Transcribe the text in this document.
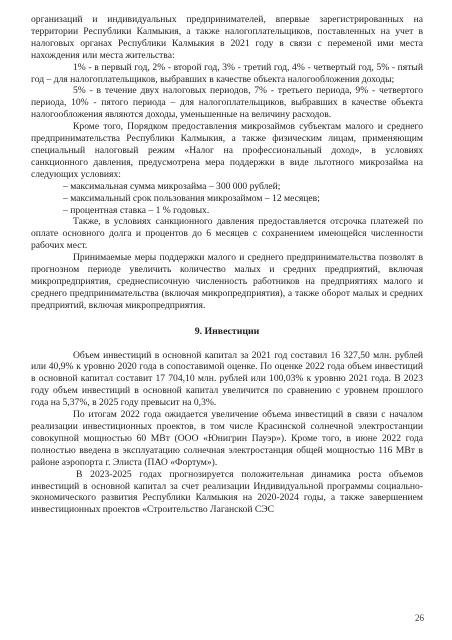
организаций и индивидуальных предпринимателей, впервые зарегистрированных на территории Республики Калмыкия, а также налогоплательщиков, поставленных на учет в налоговых органах Республики Калмыкия в 2021 году в связи с переменой ими места нахождения или места жительства:

1% - в первый год, 2% - второй год, 3% - третий год, 4% - четвертый год, 5% - пятый год – для налогоплательщиков, выбравших в качестве объекта налогообложения доходы;

5% - в течение двух налоговых периодов, 7% - третьего периода, 9% - четвертого периода, 10% - пятого периода – для налогоплательщиков, выбравших в качестве объекта налогообложения являются доходы, уменьшенные на величину расходов.

Кроме того, Порядком предоставления микрозаймов субъектам малого и среднего предпринимательства Республики Калмыкия, а также физическим лицам, применяющим специальный налоговый режим «Налог на профессиональный доход», в условиях санкционного давления, предусмотрена мера поддержки в виде льготного микрозайма на следующих условиях:

– максимальная сумма микрозайма – 300 000 рублей;

– максимальный срок пользования микрозаймом – 12 месяцев;

– процентная ставка – 1 % годовых.

Также, в условиях санкционного давления предоставляется отсрочка платежей по оплате основного долга и процентов до 6 месяцев с сохранением имеющейся численности рабочих мест.

Принимаемые меры поддержки малого и среднего предпринимательства позволят в прогнозном периоде увеличить количество малых и средних предприятий, включая микропредприятия, среднесписочную численность работников на предприятиях малого и среднего предпринимательства (включая микропредприятия), а также оборот малых и средних предприятий, включая микропредприятия.

9. Инвестиции

Объем инвестиций в основной капитал за 2021 год составил 16 327,50 млн. рублей или 40,9% к уровню 2020 года в сопоставимой оценке. По оценке 2022 года объем инвестиций в основной капитал составит 17 704,10 млн. рублей или 100,03% к уровню 2021 года. В 2023 году объем инвестиций в основной капитал увеличится по сравнению с уровнем прошлого года на 5,37%, в 2025 году превысит на 0,3%.

По итогам 2022 года ожидается увеличение объема инвестиций в связи с началом реализации инвестиционных проектов, в том числе Красинской солнечной электростанции совокупной мощностью 60 МВт (ООО «Юнигрин Пауэр»). Кроме того, в июне 2022 года полностью введена в эксплуатацию солнечная электростанция общей мощностью 116 МВт в районе аэропорта г. Элиста (ПАО «Фортум»).

В 2023-2025 годах прогнозируется положительная динамика роста объемов инвестиций в основной капитал за счет реализации Индивидуальной программы социально-экономического развития Республики Калмыкия на 2020-2024 годы, а также завершением инвестиционных проектов «Строительство Лаганской СЭС

26
